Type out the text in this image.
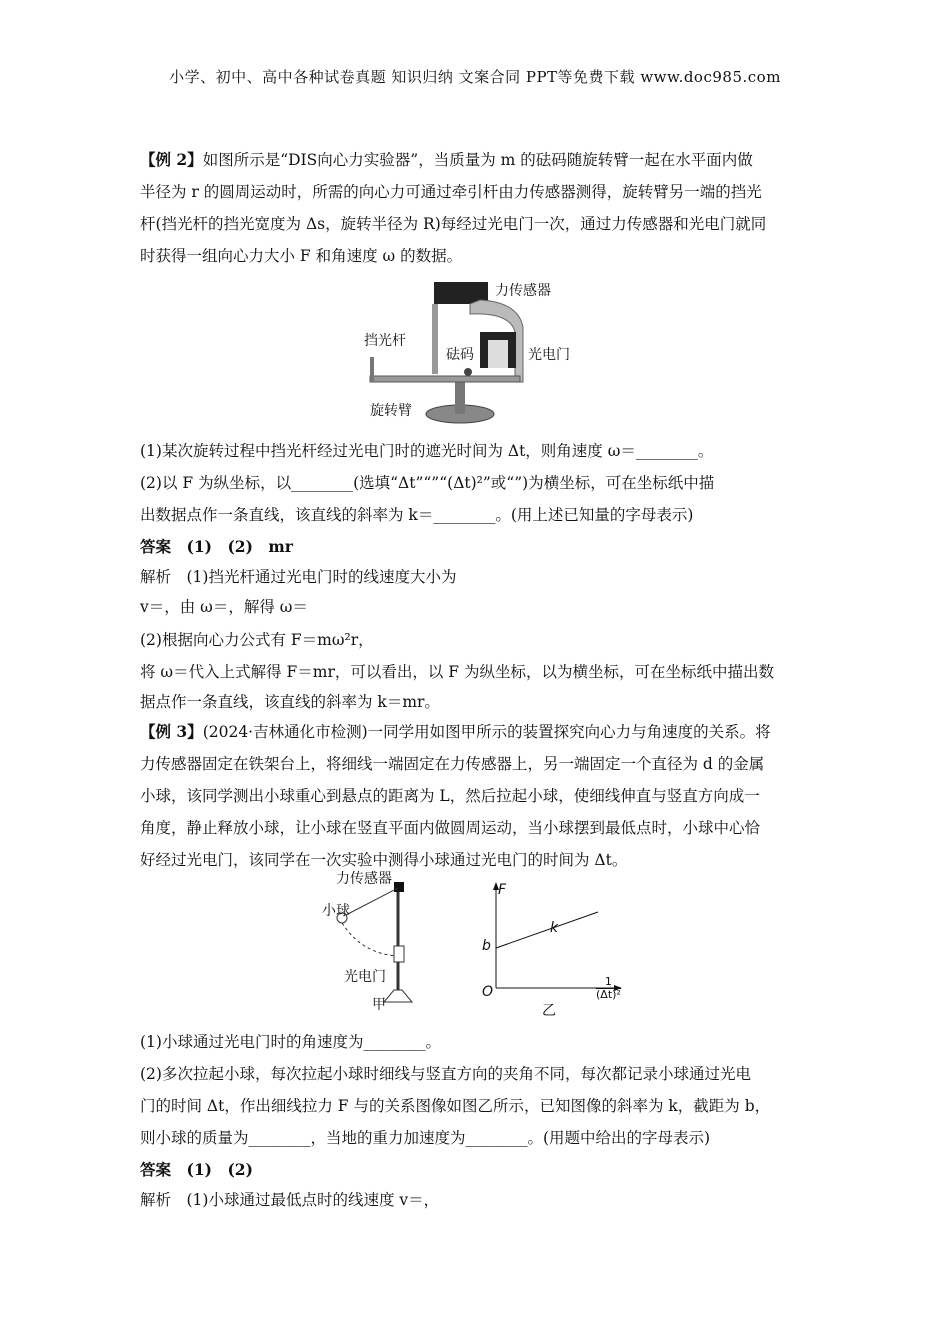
小学、初中、高中各种试卷真题 知识归纳 文案合同 PPT等免费下载 www.doc985.com
【例 2】如图所示是“DIS向心力实验器”，当质量为 m 的砝码随旋转臂一起在水平面内做
半径为 r 的圆周运动时，所需的向心力可通过牵引杆由力传感器测得，旋转臂另一端的挡光
杆(挡光杆的挡光宽度为 Δs，旋转半径为 R)每经过光电门一次，通过力传感器和光电门就同
时获得一组向心力大小 F 和角速度 ω 的数据。
力传感器
挡光杆
砝码	光电门
旋转臂
(1)某次旋转过程中挡光杆经过光电门时的遮光时间为 Δt，则角速度 ω＝________。
(2)以 F 为纵坐标，以________(选填“Δt”“”“(Δt)²”或“”)为横坐标，可在坐标纸中描
出数据点作一条直线，该直线的斜率为 k＝________。(用上述已知量的字母表示)
答案　(1)　(2)　mr
解析　(1)挡光杆通过光电门时的线速度大小为
v＝，由 ω＝，解得 ω＝
(2)根据向心力公式有 F＝mω²r，
将 ω＝代入上式解得 F＝mr，可以看出，以 F 为纵坐标，以为横坐标，可在坐标纸中描出数
据点作一条直线，该直线的斜率为 k＝mr。
【例 3】(2024·吉林通化市检测)一同学用如图甲所示的装置探究向心力与角速度的关系。将
力传感器固定在铁架台上，将细线一端固定在力传感器上，另一端固定一个直径为 d 的金属
小球，该同学测出小球重心到悬点的距离为 L，然后拉起小球，使细线伸直与竖直方向成一
角度，静止释放小球，让小球在竖直平面内做圆周运动，当小球摆到最低点时，小球中心恰
好经过光电门，该同学在一次实验中测得小球通过光电门的时间为 Δt。
力传感器
小球
光电门
甲
F
b
k
O	$\frac{1}{\text{(Δt)²}}$
乙
(1)小球通过光电门时的角速度为________。
(2)多次拉起小球，每次拉起小球时细线与竖直方向的夹角不同，每次都记录小球通过光电
门的时间 Δt，作出细线拉力 F 与的关系图像如图乙所示，已知图像的斜率为 k，截距为 b，
则小球的质量为________，当地的重力加速度为________。(用题中给出的字母表示)
答案　(1)　(2)
解析　(1)小球通过最低点时的线速度 v＝，
